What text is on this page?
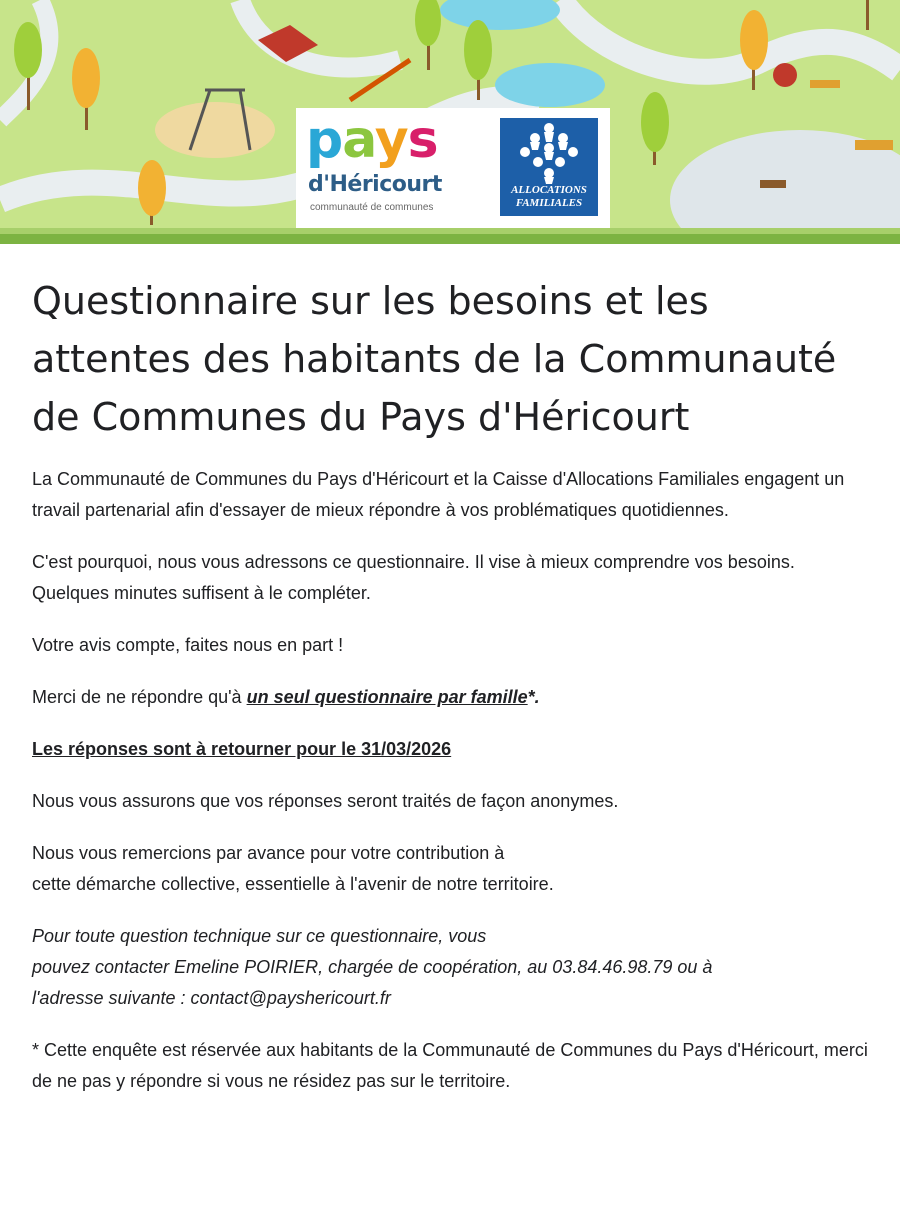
pays
d'Héricourt
communauté de communes
ALLOCATIONS
FAMILIALES
Questionnaire sur les besoins et les attentes des habitants de la Communauté de Communes du Pays d'Héricourt

La Communauté de Communes du Pays d'Héricourt et la Caisse d'Allocations Familiales engagent un travail partenarial afin d'essayer de mieux répondre à vos problématiques quotidiennes.

C'est pourquoi, nous vous adressons ce questionnaire. Il vise à mieux comprendre vos besoins. Quelques minutes suffisent à le compléter.

Votre avis compte, faites nous en part !

Merci de ne répondre qu'à un seul questionnaire par famille*.

Les réponses sont à retourner pour le 31/03/2026

Nous vous assurons que vos réponses seront traités de façon anonymes.

Nous vous remercions par avance pour votre contribution à
cette démarche collective, essentielle à l'avenir de notre territoire.

Pour toute question technique sur ce questionnaire, vous
pouvez contacter Emeline POIRIER, chargée de coopération, au 03.84.46.98.79 ou à
l'adresse suivante : contact@payshericourt.fr

* Cette enquête est réservée aux habitants de la Communauté de Communes du Pays d'Héricourt, merci de ne pas y répondre si vous ne résidez pas sur le territoire.
